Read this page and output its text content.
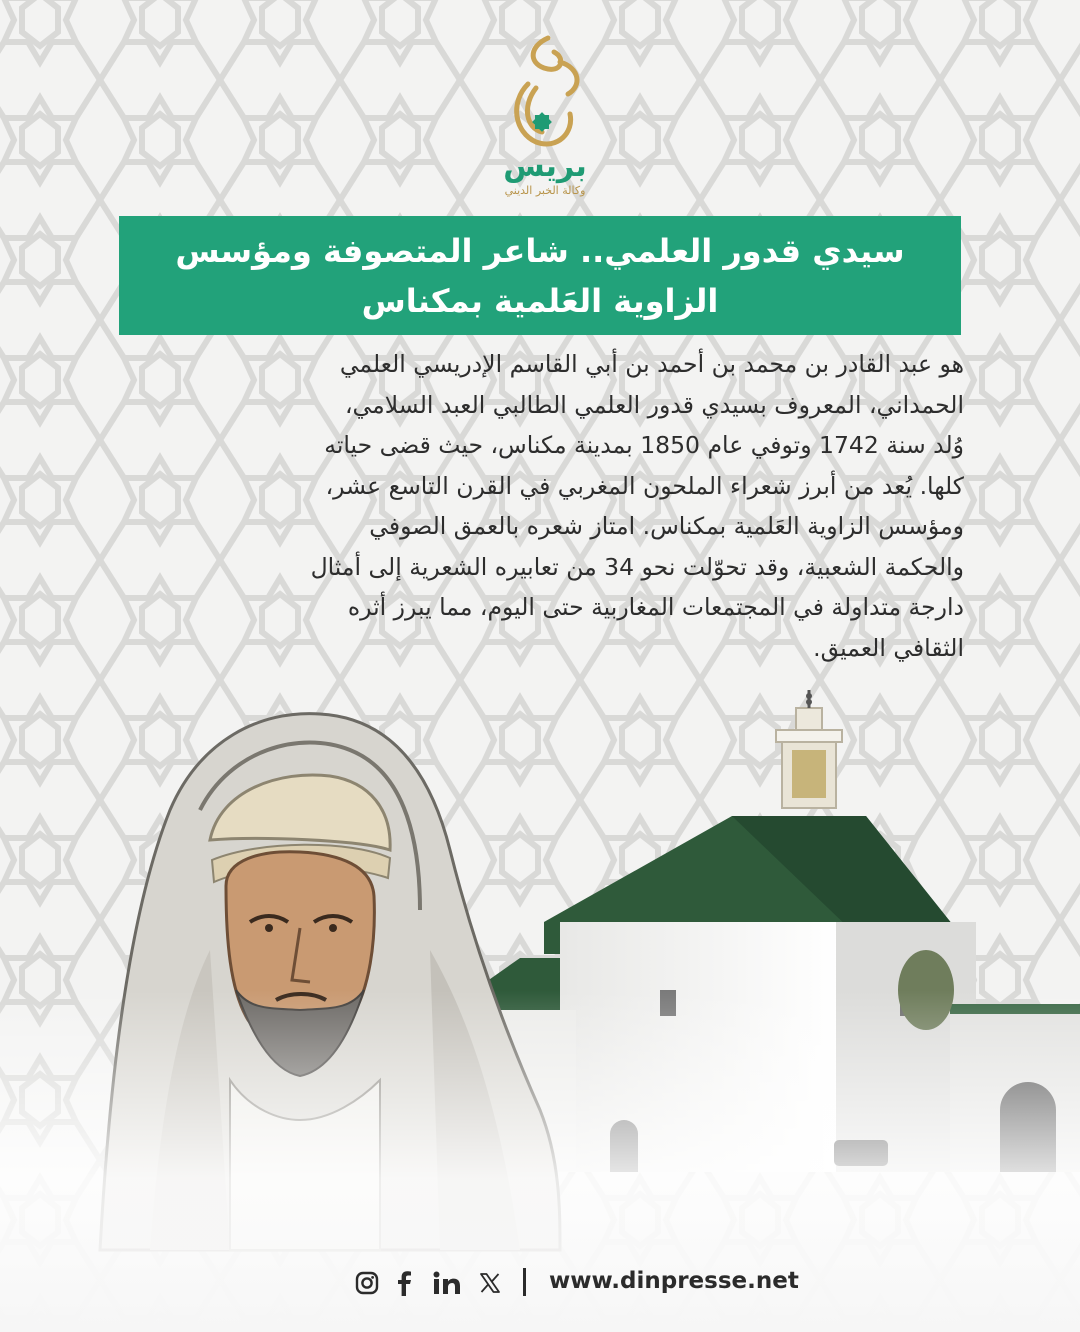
بريس
وكالة الخبر الديني
سيدي قدور العلمي.. شاعر المتصوفة ومؤسس
الزاوية العَلمية بمكناس
هو عبد القادر بن محمد بن أحمد بن أبي القاسم الإدريسي العلمي
الحمداني، المعروف بسيدي قدور العلمي الطالبي العبد السلامي،
وُلد سنة 1742 وتوفي عام 1850 بمدينة مكناس، حيث قضى حياته
كلها. يُعد من أبرز شعراء الملحون المغربي في القرن التاسع عشر،
ومؤسس الزاوية العَلمية بمكناس. امتاز شعره بالعمق الصوفي
والحكمة الشعبية، وقد تحوّلت نحو 34 من تعابيره الشعرية إلى أمثال
دارجة متداولة في المجتمعات المغاربية حتى اليوم، مما يبرز أثره
الثقافي العميق.
www.dinpresse.net
